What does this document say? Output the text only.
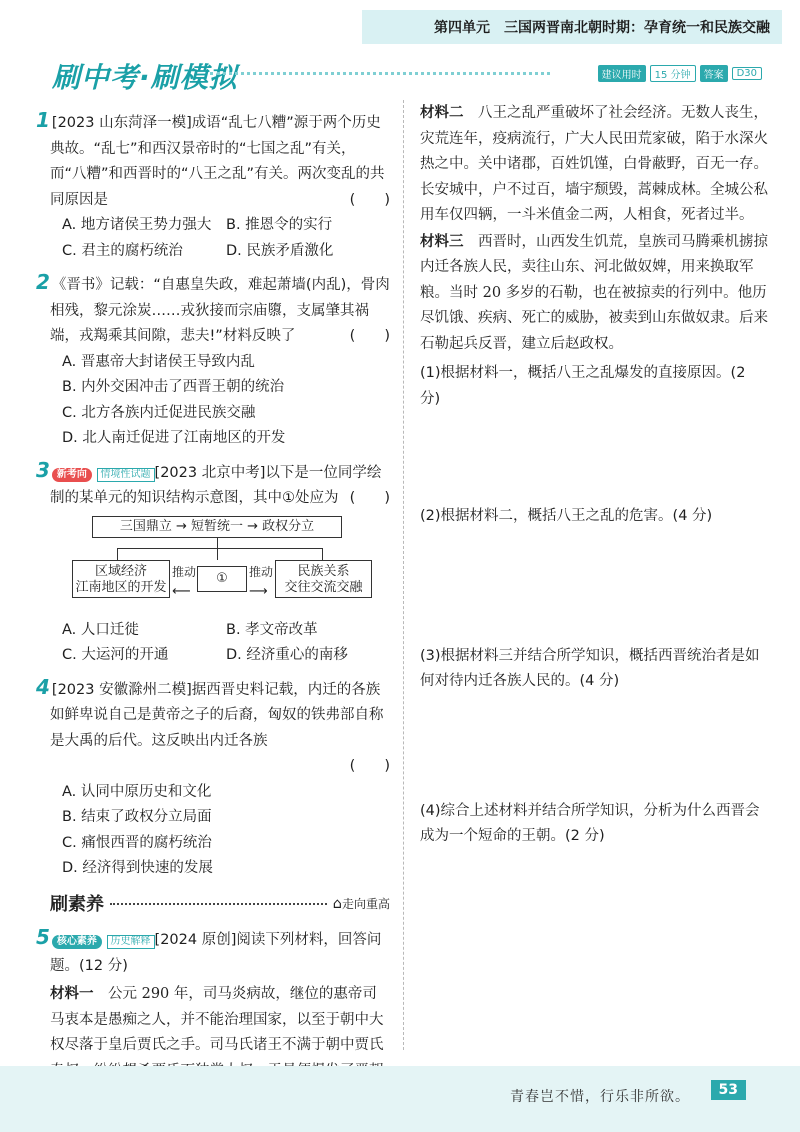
第四单元　三国两晋南北朝时期：孕育统一和民族交融
刷中考·刷模拟	建议用时	15 分钟	答案	D30
1 [2023 山东菏泽一模]成语“乱七八糟”源于两个历史典故。“乱七”和西汉景帝时的“七国之乱”有关，而“八糟”和西晋时的“八王之乱”有关。两次变乱的共同原因是	(　　)
A. 地方诸侯王势力强大	B. 推恩令的实行
C. 君主的腐朽统治	D. 民族矛盾激化
2 《晋书》记载：“自惠皇失政，难起萧墙(内乱)，骨肉相残，黎元涂炭……戎狄接而宗庙隳，支属肇其祸端，戎羯乘其间隙，悲夫!”材料反映了	(　　)
A. 晋惠帝大封诸侯王导致内乱
B. 内外交困冲击了西晋王朝的统治
C. 北方各族内迁促进民族交融
D. 北人南迁促进了江南地区的开发
3 新考向 情境性试题 [2023 北京中考]以下是一位同学绘制的某单元的知识结构示意图，其中①处应为 (　　)
三国鼎立 → 短暂统一 → 政权分立
区域经济
江南地区的开发
推动
⟵
①	推动
⟶
民族关系
交往交流交融
A. 人口迁徙	B. 孝文帝改革
C. 大运河的开通	D. 经济重心的南移
4 [2023 安徽滁州二模]据西晋史料记载，内迁的各族如鲜卑说自己是黄帝之子的后裔，匈奴的铁弗部自称是大禹的后代。这反映出内迁各族
(　　)
A. 认同中原历史和文化
B. 结束了政权分立局面
C. 痛恨西晋的腐朽统治
D. 经济得到快速的发展
刷素养	⌂ 走向重高
5 核心素养 历史解释 [2024 原创]阅读下列材料，回答问题。(12 分)
材料一　 公元 290 年，司马炎病故，继位的惠帝司马衷本是愚痴之人，并不能治理国家，以至于朝中大权尽落于皇后贾氏之手。司马氏诸王不满于朝中贾氏
材料二　 八王之乱严重破坏了社会经济。无数人丧生，灾荒连年，疫病流行，广大人民田荒家破，陷于水深火热之中。关中诸郡，百姓饥馑，白骨蔽野，百无一存。长安城中，户不过百，墙宇颓毁，蒿棘成林。全城公私用车仅四辆，一斗米值金二两，人相食，死者过半。
材料三　 西晋时，山西发生饥荒，皇族司马腾乘机掳掠内迁各族人民，卖往山东、河北做奴婢，用来换取军粮。当时 20 多岁的石勒，也在被掠卖的行列中。他历尽饥饿、疾病、死亡的威胁，被卖到山东做奴隶。后来石勒起兵反晋，建立后赵政权。
(1)根据材料一，概括八王之乱爆发的直接原因。(2 分)
(2)根据材料二，概括八王之乱的危害。(4 分)
(3)根据材料三并结合所学知识，概括西晋统治者是如何对待内迁各族人民的。(4 分)
(4)综合上述材料并结合所学知识，分析为什么西晋会成为一个短命的王朝。(2 分)
青春岂不惜，行乐非所欲。	53
